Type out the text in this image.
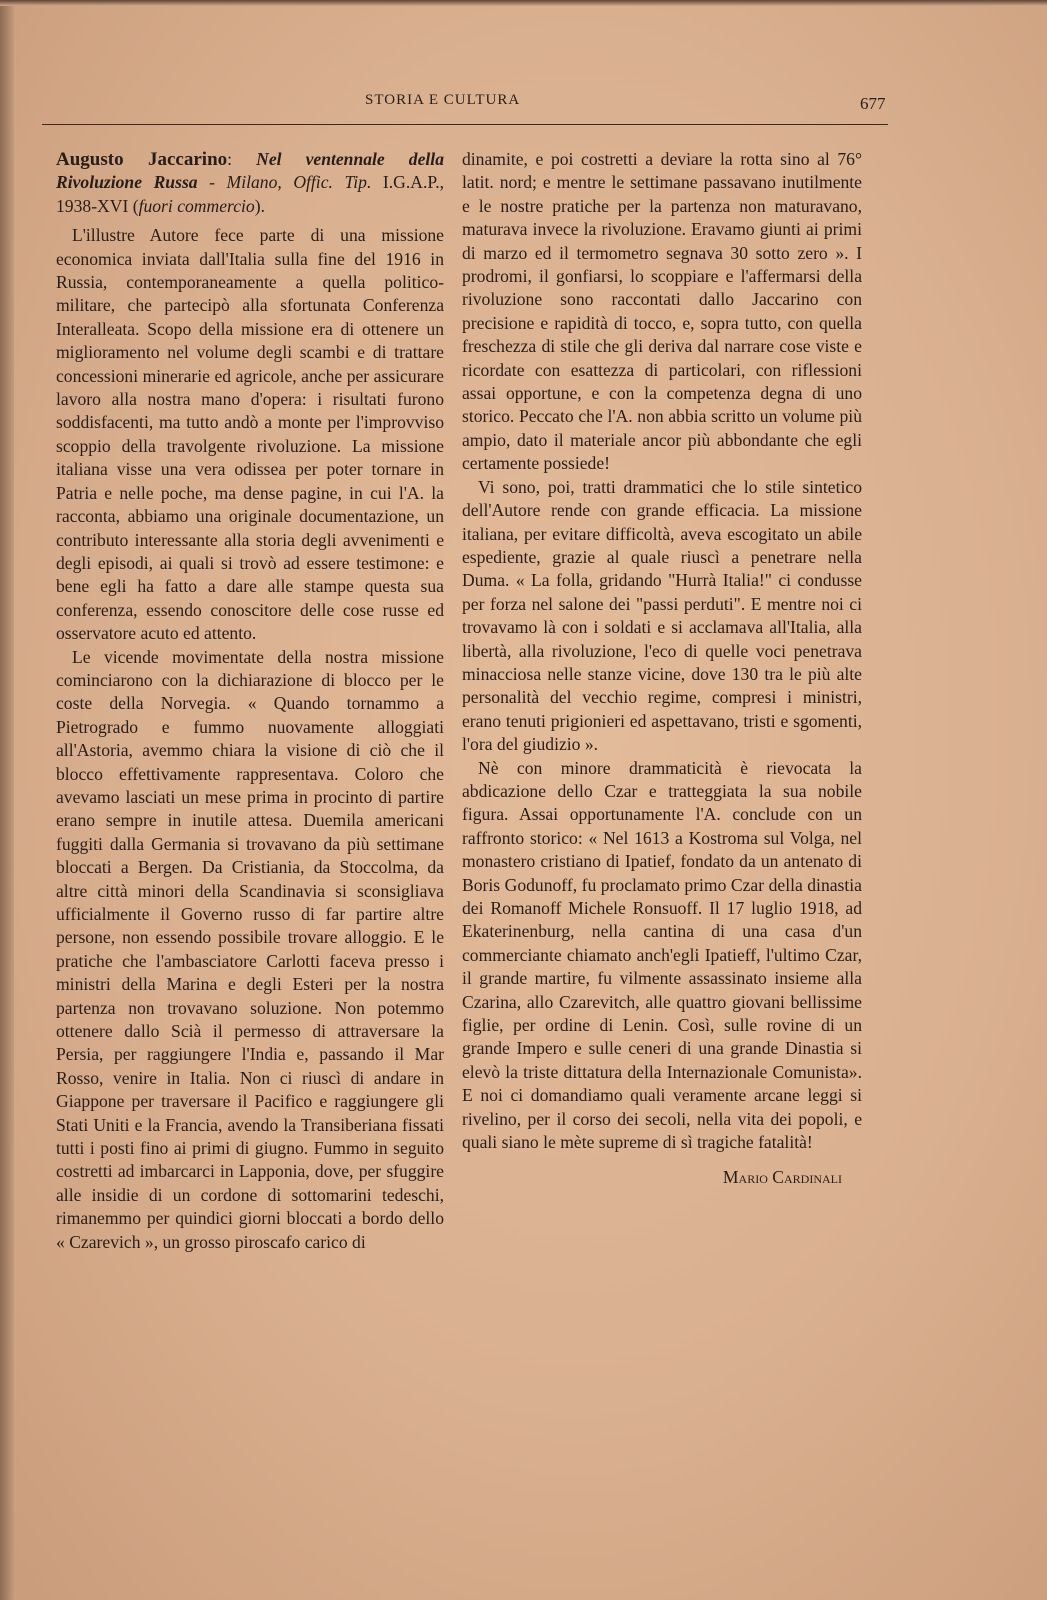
STORIA E CULTURA	677

Augusto Jaccarino: Nel ventennale della Rivoluzione Russa - Milano, Offic. Tip. I.G.A.P., 1938-XVI (fuori commercio).

L'illustre Autore fece parte di una missione economica inviata dall'Italia sulla fine del 1916 in Russia, contemporaneamente a quella politico-militare, che partecipò alla sfortunata Conferenza Interalleata. Scopo della missione era di ottenere un miglioramento nel volume degli scambi e di trattare concessioni minerarie ed agricole, anche per assicurare lavoro alla nostra mano d'opera: i risultati furono soddisfacenti, ma tutto andò a monte per l'improvviso scoppio della travolgente rivoluzione. La missione italiana visse una vera odissea per poter tornare in Patria e nelle poche, ma dense pagine, in cui l'A. la racconta, abbiamo una originale documentazione, un contributo interessante alla storia degli avvenimenti e degli episodi, ai quali si trovò ad essere testimone: e bene egli ha fatto a dare alle stampe questa sua conferenza, essendo conoscitore delle cose russe ed osservatore acuto ed attento.

Le vicende movimentate della nostra missione cominciarono con la dichiarazione di blocco per le coste della Norvegia. « Quando tornammo a Pietrogrado e fummo nuovamente alloggiati all'Astoria, avemmo chiara la visione di ciò che il blocco effettivamente rappresentava. Coloro che avevamo lasciati un mese prima in procinto di partire erano sempre in inutile attesa. Duemila americani fuggiti dalla Germania si trovavano da più settimane bloccati a Bergen. Da Cristiania, da Stoccolma, da altre città minori della Scandinavia si sconsigliava ufficialmente il Governo russo di far partire altre persone, non essendo possibile trovare alloggio. E le pratiche che l'ambasciatore Carlotti faceva presso i ministri della Marina e degli Esteri per la nostra partenza non trovavano soluzione. Non potemmo ottenere dallo Scià il permesso di attraversare la Persia, per raggiungere l'India e, passando il Mar Rosso, venire in Italia. Non ci riuscì di andare in Giappone per traversare il Pacifico e raggiungere gli Stati Uniti e la Francia, avendo la Transiberiana fissati tutti i posti fino ai primi di giugno. Fummo in seguito costretti ad imbarcarci in Lapponia, dove, per sfuggire alle insidie di un cordone di sottomarini tedeschi, rimanemmo per quindici giorni bloccati a bordo dello « Czarevich », un grosso piroscafo carico di

dinamite, e poi costretti a deviare la rotta sino al 76° latit. nord; e mentre le settimane passavano inutilmente e le nostre pratiche per la partenza non maturavano, maturava invece la rivoluzione. Eravamo giunti ai primi di marzo ed il termometro segnava 30 sotto zero ». I prodromi, il gonfiarsi, lo scoppiare e l'affermarsi della rivoluzione sono raccontati dallo Jaccarino con precisione e rapidità di tocco, e, sopra tutto, con quella freschezza di stile che gli deriva dal narrare cose viste e ricordate con esattezza di particolari, con riflessioni assai opportune, e con la competenza degna di uno storico. Peccato che l'A. non abbia scritto un volume più ampio, dato il materiale ancor più abbondante che egli certamente possiede!

Vi sono, poi, tratti drammatici che lo stile sintetico dell'Autore rende con grande efficacia. La missione italiana, per evitare difficoltà, aveva escogitato un abile espediente, grazie al quale riuscì a penetrare nella Duma. « La folla, gridando "Hurrà Italia!" ci condusse per forza nel salone dei "passi perduti". E mentre noi ci trovavamo là con i soldati e si acclamava all'Italia, alla libertà, alla rivoluzione, l'eco di quelle voci penetrava minacciosa nelle stanze vicine, dove 130 tra le più alte personalità del vecchio regime, compresi i ministri, erano tenuti prigionieri ed aspettavano, tristi e sgomenti, l'ora del giudizio ».

Nè con minore drammaticità è rievocata la abdicazione dello Czar e tratteggiata la sua nobile figura. Assai opportunamente l'A. conclude con un raffronto storico: « Nel 1613 a Kostroma sul Volga, nel monastero cristiano di Ipatief, fondato da un antenato di Boris Godunoff, fu proclamato primo Czar della dinastia dei Romanoff Michele Ronsuoff. Il 17 luglio 1918, ad Ekaterinenburg, nella cantina di una casa d'un commerciante chiamato anch'egli Ipatieff, l'ultimo Czar, il grande martire, fu vilmente assassinato insieme alla Czarina, allo Czarevitch, alle quattro giovani bellissime figlie, per ordine di Lenin. Così, sulle rovine di un grande Impero e sulle ceneri di una grande Dinastia si elevò la triste dittatura della Internazionale Comunista». E noi ci domandiamo quali veramente arcane leggi si rivelino, per il corso dei secoli, nella vita dei popoli, e quali siano le mète supreme di sì tragiche fatalità!

Mario Cardinali
